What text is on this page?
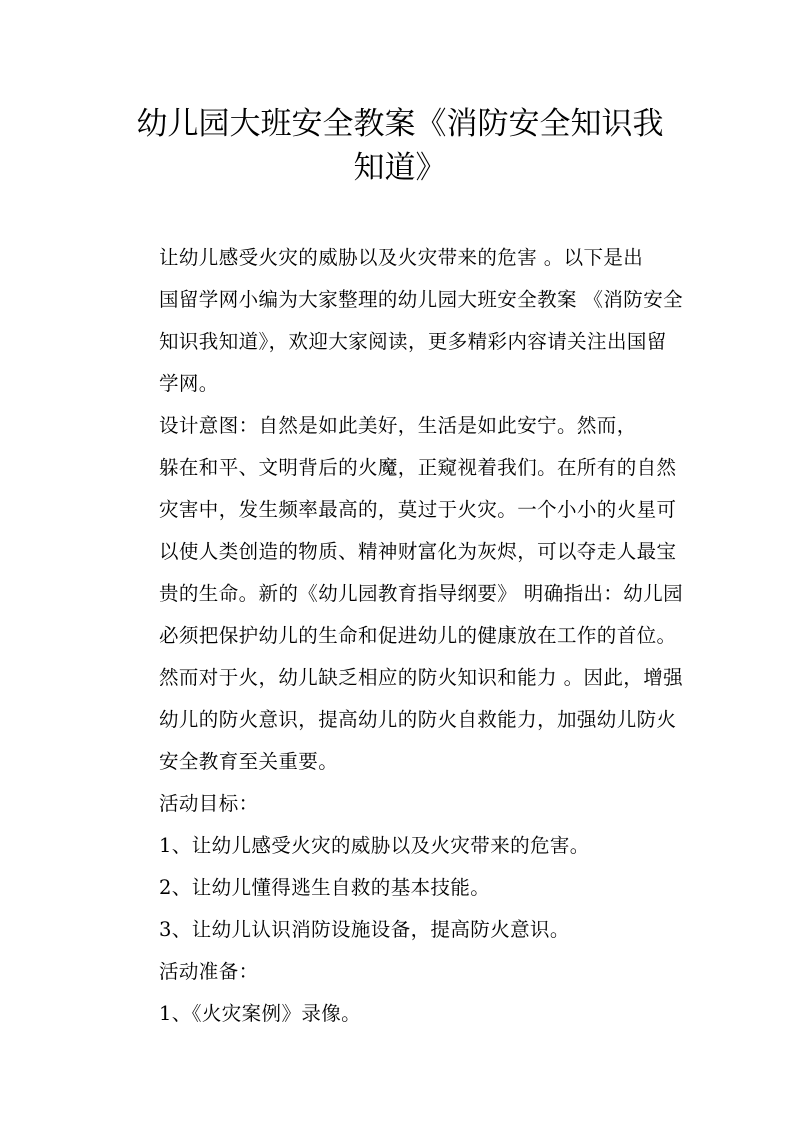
幼儿园大班安全教案《消防安全知识我
知道》

让幼儿感受火灾的威胁以及火灾带来的危害 。以下是出
国留学网小编为大家整理的幼儿园大班安全教案 《消防安全
知识我知道》，欢迎大家阅读，更多精彩内容请关注出国留
学网。

设计意图：自然是如此美好，生活是如此安宁。然而，
躲在和平、文明背后的火魔，正窥视着我们。在所有的自然
灾害中，发生频率最高的，莫过于火灾。一个小小的火星可
以使人类创造的物质、精神财富化为灰烬，可以夺走人最宝
贵的生命。新的《幼儿园教育指导纲要》 明确指出：幼儿园
必须把保护幼儿的生命和促进幼儿的健康放在工作的首位。
然而对于火，幼儿缺乏相应的防火知识和能力 。因此，增强
幼儿的防火意识，提高幼儿的防火自救能力，加强幼儿防火
安全教育至关重要。

活动目标：

1、让幼儿感受火灾的威胁以及火灾带来的危害。

2、让幼儿懂得逃生自救的基本技能。

3、让幼儿认识消防设施设备，提高防火意识。

活动准备：

1、《火灾案例》录像。
